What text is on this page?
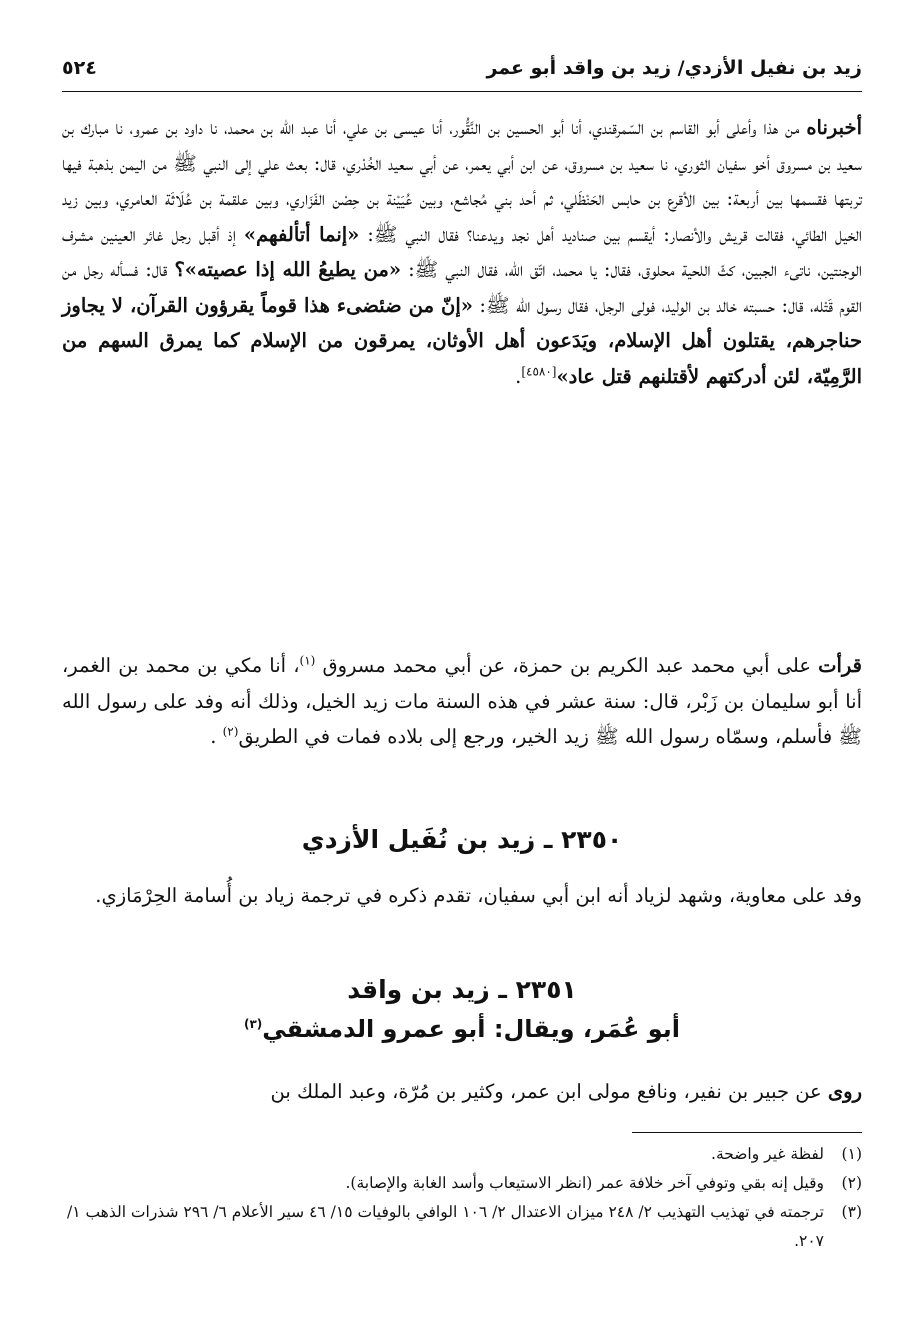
زيد بن نفيل الأزدي/ زيد بن واقد أبو عمر
٥٢٤

أخبرناه من هذا وأعلى أبو القاسم بن السّمرقندي، أنا أبو الحسين بن النَّقُّور، أنا عيسى بن علي، أنا عبد اللّه بن محمد، نا داود بن عمرو، نا مبارك بن سعيد بن مسروق أخو سفيان الثوري، نا سعيد بن مسروق، عن ابن أبي يعمر، عن أبي سعيد الخُدْري، قال: بعث علي إلى النبي ﷺ من اليمن بذهبة فيها تربتها فقسمها بين أربعة: بين الأقرع بن حابس الحَنْظَلي، ثم أحد بني مُجاشع، وبين عُيَيْنة بن حِصْن الفَزَاري، وبين علقمة بن عُلَاثَة العامري، وبين زيد الخيل الطائي، فقالت قريش والأنصار: أيقسم بين صناديد أهل نجد ويدعنا؟ فقال النبي ﷺ: «إنما أتألفهم» إذ أقبل رجل غائر العينين مشرف الوجنتين، ناتىء الجبين، كثّ اللحية محلوق، فقال: يا محمد، اتّق الله، فقال النبي ﷺ: «من يطيعُ الله إذا عصيته»؟ قال: فسأله رجل من القوم قَتْله، قال: حسبته خالد بن الوليد، فولى الرجل، فقال رسول الله ﷺ: «إنّ من ضئضىء هذا قوماً يقرؤون القرآن، لا يجاوز حناجرهم، يقتلون أهل الإسلام، ويَدَعون أهل الأوثان، يمرقون من الإسلام كما يمرق السهم من الرَّمِيّة، لئن أدركتهم لأقتلنهم قتل عاد»[٤٥٨٠].

قرأت على أبي محمد عبد الكريم بن حمزة، عن أبي محمد مسروق $^{(١)}$، أنا مكي بن محمد بن الغمر، أنا أبو سليمان بن زَبْر، قال: سنة عشر في هذه السنة مات زيد الخيل، وذلك أنه وفد على رسول الله ﷺ فأسلم، وسمّاه رسول الله ﷺ زيد الخير، ورجع إلى بلاده فمات في الطريق$^{(٢)}$ .

٢٣٥٠ ـ زيد بن نُفَيل الأزدي

وفد على معاوية، وشهد لزياد أنه ابن أبي سفيان، تقدم ذكره في ترجمة زياد بن أُسامة الحِرْمَازي.

٢٣٥١ ـ زيد بن واقد
أبو عُمَر، ويقال: أبو عمرو الدمشقي$^{(٣)}$

روى عن جبير بن نفير، ونافع مولى ابن عمر، وكثير بن مُرّة، وعبد الملك بن

(١)
لفظة غير واضحة.
(٢)
وقيل إنه بقي وتوفي آخر خلافة عمر (انظر الاستيعاب وأسد الغابة والإصابة).
(٣)
ترجمته في تهذيب التهذيب ٢/ ٢٤٨ ميزان الاعتدال ٢/ ١٠٦ الوافي بالوفيات ١٥/ ٤٦ سير الأعلام ٦/ ٢٩٦ شذرات الذهب ١/ ٢٠٧.
